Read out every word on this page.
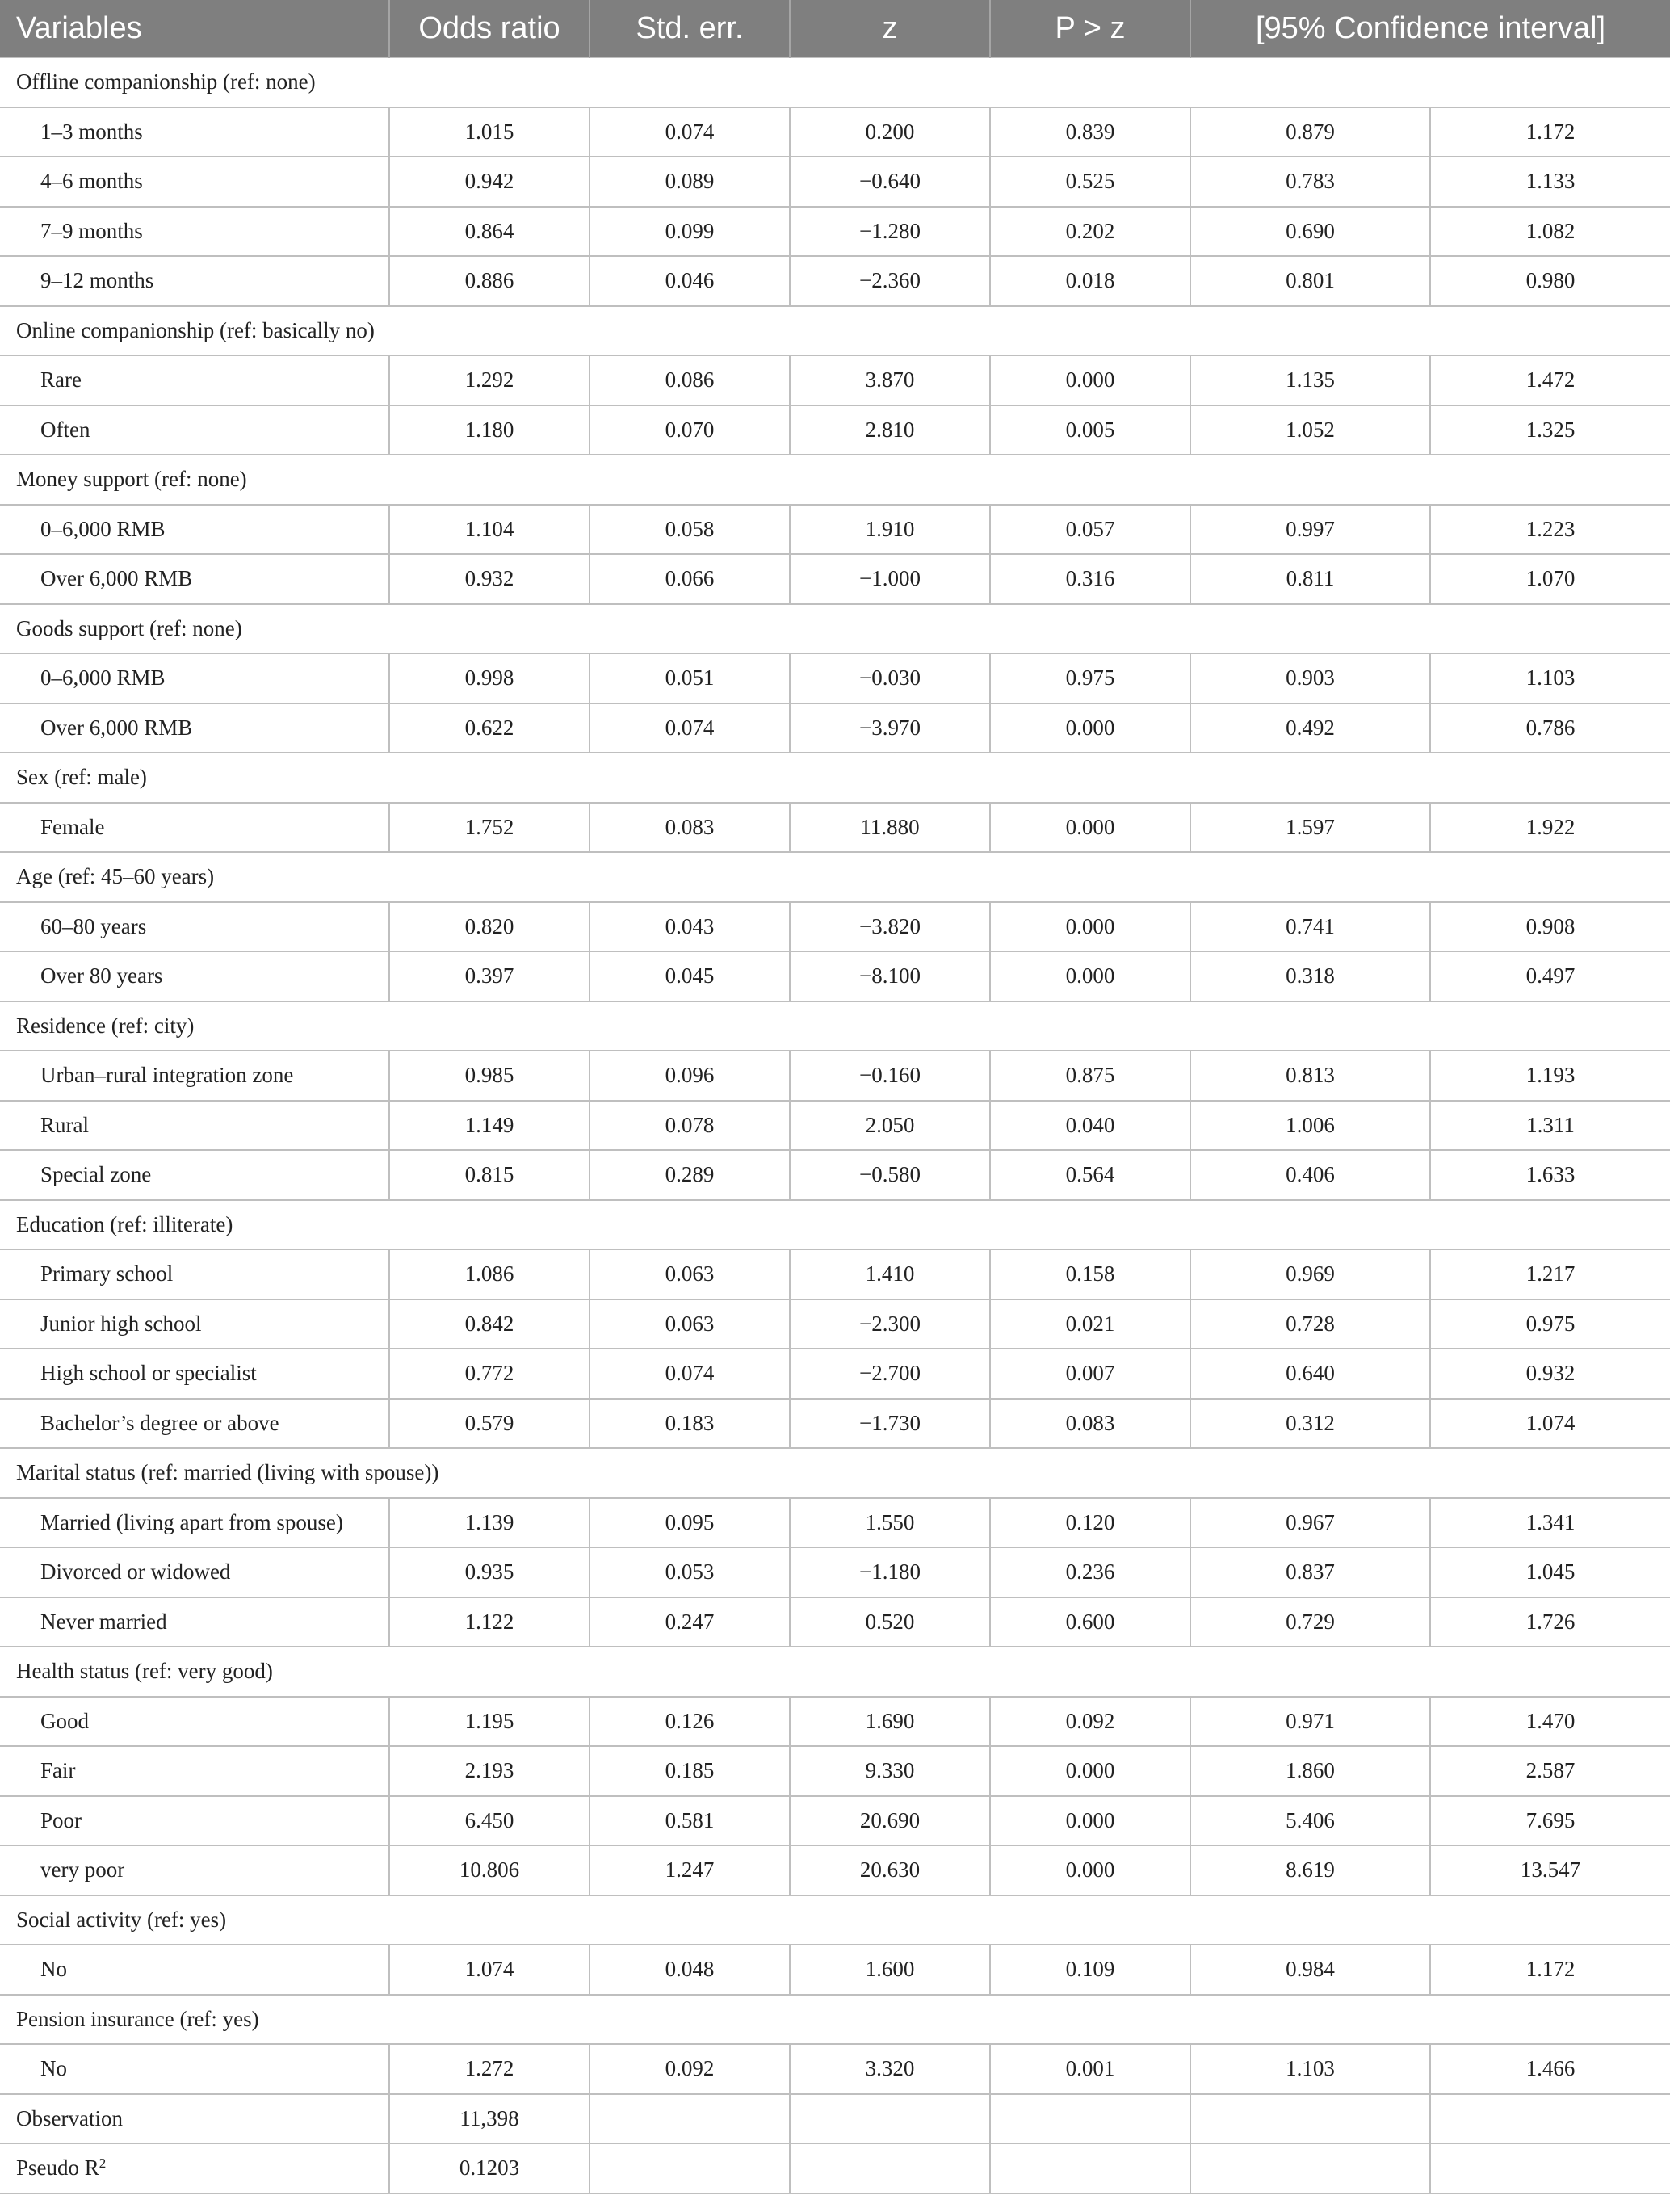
Variables	Odds ratio	Std. err.	z	P > z	[95% Confidence interval]	
Offline companionship (ref: none)						
1–3 months	1.015	0.074	0.200	0.839	0.879	1.172
4–6 months	0.942	0.089	−0.640	0.525	0.783	1.133
7–9 months	0.864	0.099	−1.280	0.202	0.690	1.082
9–12 months	0.886	0.046	−2.360	0.018	0.801	0.980
Online companionship (ref: basically no)						
Rare	1.292	0.086	3.870	0.000	1.135	1.472
Often	1.180	0.070	2.810	0.005	1.052	1.325
Money support (ref: none)						
0–6,000 RMB	1.104	0.058	1.910	0.057	0.997	1.223
Over 6,000 RMB	0.932	0.066	−1.000	0.316	0.811	1.070
Goods support (ref: none)						
0–6,000 RMB	0.998	0.051	−0.030	0.975	0.903	1.103
Over 6,000 RMB	0.622	0.074	−3.970	0.000	0.492	0.786
Sex (ref: male)						
Female	1.752	0.083	11.880	0.000	1.597	1.922
Age (ref: 45–60 years)						
60–80 years	0.820	0.043	−3.820	0.000	0.741	0.908
Over 80 years	0.397	0.045	−8.100	0.000	0.318	0.497
Residence (ref: city)						
Urban–rural integration zone	0.985	0.096	−0.160	0.875	0.813	1.193
Rural	1.149	0.078	2.050	0.040	1.006	1.311
Special zone	0.815	0.289	−0.580	0.564	0.406	1.633
Education (ref: illiterate)						
Primary school	1.086	0.063	1.410	0.158	0.969	1.217
Junior high school	0.842	0.063	−2.300	0.021	0.728	0.975
High school or specialist	0.772	0.074	−2.700	0.007	0.640	0.932
Bachelor’s degree or above	0.579	0.183	−1.730	0.083	0.312	1.074
Marital status (ref: married (living with spouse))						
Married (living apart from spouse)	1.139	0.095	1.550	0.120	0.967	1.341
Divorced or widowed	0.935	0.053	−1.180	0.236	0.837	1.045
Never married	1.122	0.247	0.520	0.600	0.729	1.726
Health status (ref: very good)						
Good	1.195	0.126	1.690	0.092	0.971	1.470
Fair	2.193	0.185	9.330	0.000	1.860	2.587
Poor	6.450	0.581	20.690	0.000	5.406	7.695
very poor	10.806	1.247	20.630	0.000	8.619	13.547
Social activity (ref: yes)						
No	1.074	0.048	1.600	0.109	0.984	1.172
Pension insurance (ref: yes)						
No	1.272	0.092	3.320	0.001	1.103	1.466
Observation	11,398					
Pseudo $R^2$	0.1203					
